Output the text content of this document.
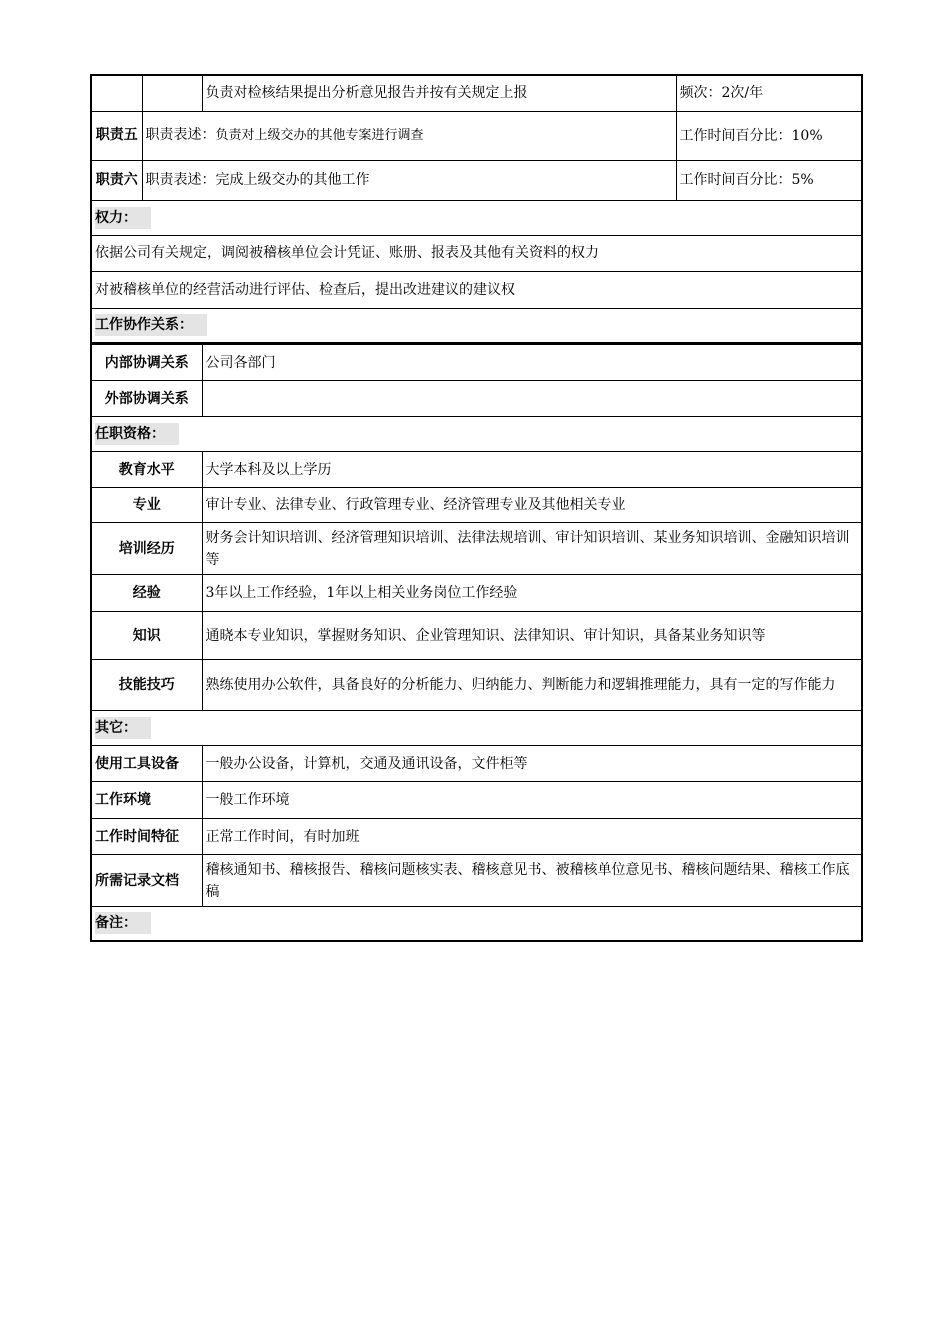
		负责对检核结果提出分析意见报告并按有关规定上报	频次：2次/年
职责五	职责表述：负责对上级交办的其他专案进行调查		工作时间百分比：10%
职责六	职责表述：完成上级交办的其他工作		工作时间百分比：5%
权力：			
依据公司有关规定，调阅被稽核单位会计凭证、账册、报表及其他有关资料的权力			
对被稽核单位的经营活动进行评估、检查后，提出改进建议的建议权			
工作协作关系：			
内部协调关系	公司各部门
外部协调关系	
任职资格：	
教育水平	大学本科及以上学历
专业	审计专业、法律专业、行政管理专业、经济管理专业及其他相关专业
培训经历	财务会计知识培训、经济管理知识培训、法律法规培训、审计知识培训、某业务知识培训、金融知识培训等
经验	3年以上工作经验，1年以上相关业务岗位工作经验
知识	通晓本专业知识，掌握财务知识、企业管理知识、法律知识、审计知识，具备某业务知识等
技能技巧	熟练使用办公软件，具备良好的分析能力、归纳能力、判断能力和逻辑推理能力，具有一定的写作能力
其它：	
使用工具设备	一般办公设备，计算机，交通及通讯设备，文件柜等
工作环境	一般工作环境
工作时间特征	正常工作时间，有时加班
所需记录文档	稽核通知书、稽核报告、稽核问题核实表、稽核意见书、被稽核单位意见书、稽核问题结果、稽核工作底稿
备注：	
